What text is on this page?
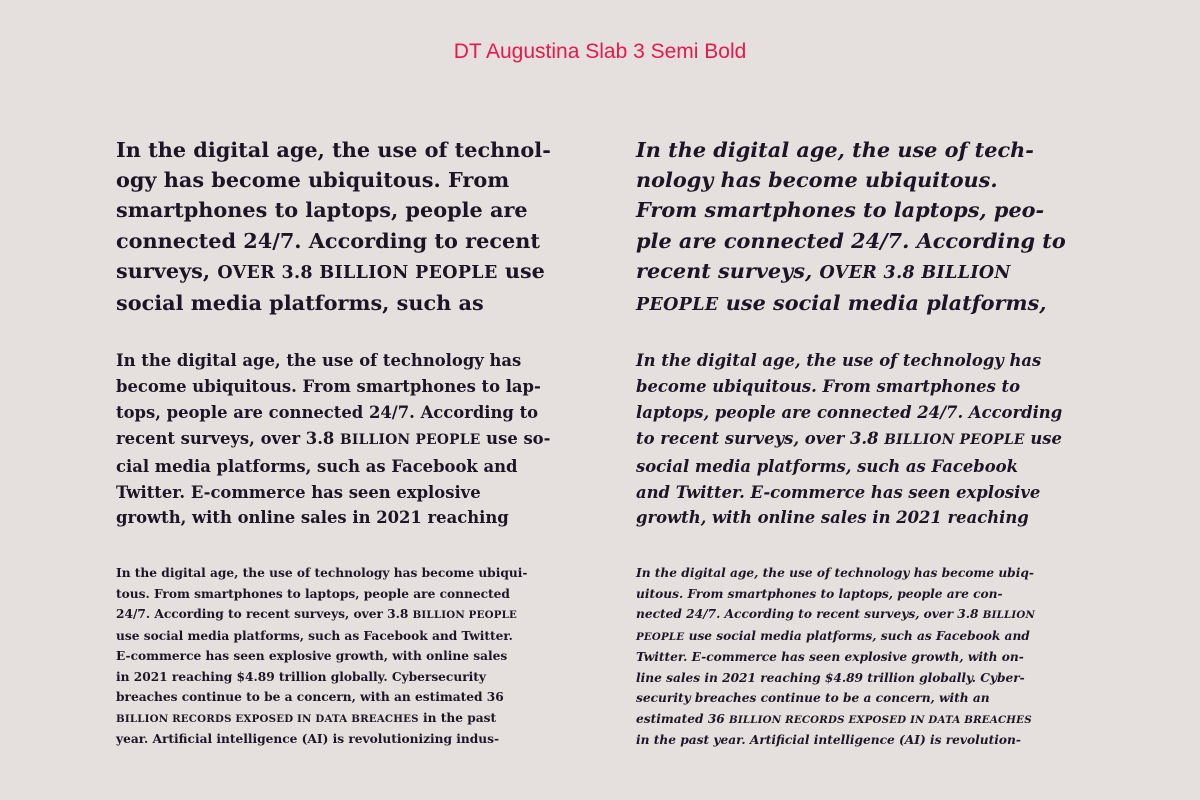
DT Augustina Slab 3 Semi Bold
In the digital age, the use of technol-
ogy has become ubiquitous. From
smartphones to laptops, people are
connected 24/7. According to recent
surveys, OVER 3.8 BILLION PEOPLE use
social media platforms, such as
In the digital age, the use of tech-
nology has become ubiquitous.
From smartphones to laptops, peo-
ple are connected 24/7. According to
recent surveys, OVER 3.8 BILLION
PEOPLE use social media platforms,
In the digital age, the use of technology has
become ubiquitous. From smartphones to lap-
tops, people are connected 24/7. According to
recent surveys, over 3.8 BILLION PEOPLE use so-
cial media platforms, such as Facebook and
Twitter. E-commerce has seen explosive
growth, with online sales in 2021 reaching
In the digital age, the use of technology has
become ubiquitous. From smartphones to
laptops, people are connected 24/7. According
to recent surveys, over 3.8 BILLION PEOPLE use
social media platforms, such as Facebook
and Twitter. E-commerce has seen explosive
growth, with online sales in 2021 reaching
In the digital age, the use of technology has become ubiqui-
tous. From smartphones to laptops, people are connected
24/7. According to recent surveys, over 3.8 BILLION PEOPLE
use social media platforms, such as Facebook and Twitter.
E-commerce has seen explosive growth, with online sales
in 2021 reaching $4.89 trillion globally. Cybersecurity
breaches continue to be a concern, with an estimated 36
BILLION RECORDS EXPOSED IN DATA BREACHES in the past
year. Artificial intelligence (AI) is revolutionizing indus-
In the digital age, the use of technology has become ubiq-
uitous. From smartphones to laptops, people are con-
nected 24/7. According to recent surveys, over 3.8 BILLION
PEOPLE use social media platforms, such as Facebook and
Twitter. E-commerce has seen explosive growth, with on-
line sales in 2021 reaching $4.89 trillion globally. Cyber-
security breaches continue to be a concern, with an
estimated 36 BILLION RECORDS EXPOSED IN DATA BREACHES
in the past year. Artificial intelligence (AI) is revolution-
